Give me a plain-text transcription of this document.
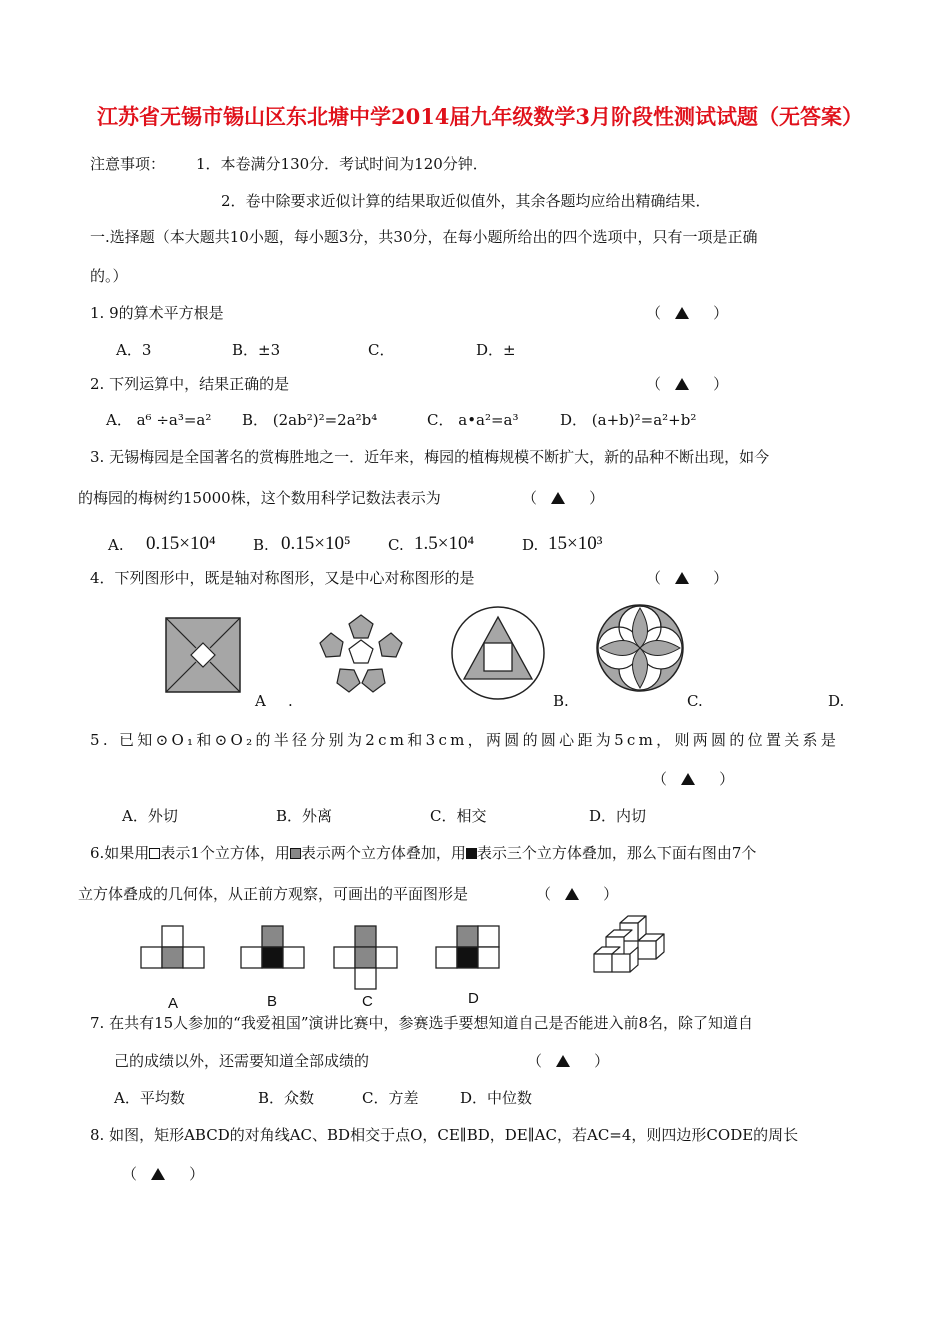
江苏省无锡市锡山区东北塘中学2014届九年级数学3月阶段性测试试题（无答案）
注意事项： 1．本卷满分130分．考试时间为120分钟．
2．卷中除要求近似计算的结果取近似值外，其余各题均应给出精确结果．
一.选择题（本大题共10小题，每小题3分，共30分，在每小题所给出的四个选项中，只有一项是正确
的。）
1. 9的算术平方根是	（	）
A．3	B．±3	C．	D．±
2. 下列运算中，结果正确的是	（	）
A． a⁶ ÷a³=a² B． (2ab²)²=2a²b⁴	C． a•a²=a³	D． (a+b)²=a²+b²
3. 无锡梅园是全国著名的赏梅胜地之一．近年来，梅园的植梅规模不断扩大，新的品种不断出现，如今
的梅园的梅树约15000株，这个数用科学记数法表示为	（	）
A. 0.15×10⁴ B. 0.15×10⁵ C. 1.5×10⁴	D. 15×10³
4．下列图形中，既是轴对称图形，又是中心对称图形的是	（	）
A .	B.	C.	D.
5. 已知⊙O₁和⊙O₂的半径分别为2cm和3cm，两圆的圆心距为5cm，则两圆的位置关系是
（	）
A．外切	B．外离	C．相交	D．内切
6.如果用 表示1个立方体，用 表示两个立方体叠加，用 表示三个立方体叠加，那么下面右图由7个
立方体叠成的几何体，从正前方观察，可画出的平面图形是	（	）
A	B	C	D
7. 在共有15人参加的“我爱祖国”演讲比赛中，参赛选手要想知道自己是否能进入前8名，除了知道自
己的成绩以外，还需要知道全部成绩的	（	）
A．平均数	B．众数	C．方差	D．中位数
8. 如图，矩形ABCD的对角线AC、BD相交于点O，CE∥BD，DE∥AC，若AC=4，则四边形CODE的周长
（	）
